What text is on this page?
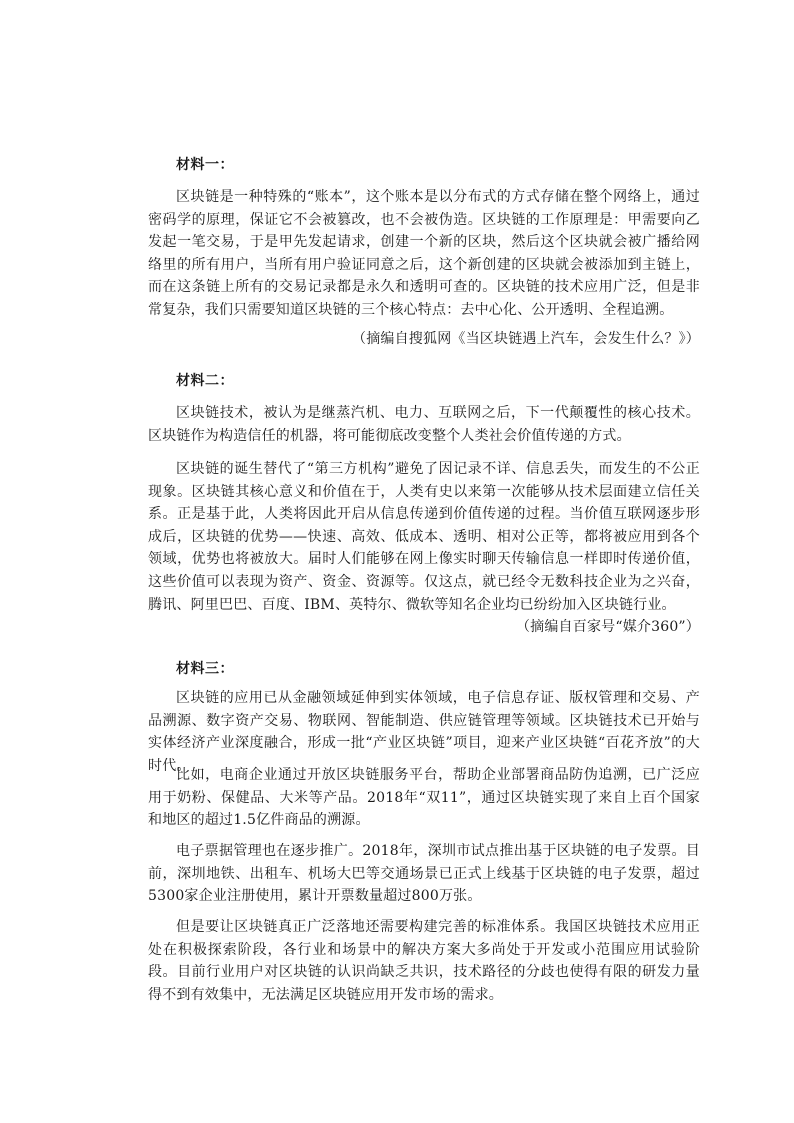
材料一：

区块链是一种特殊的“账本”，这个账本是以分布式的方式存储在整个网络上，通过密码学的原理，保证它不会被篡改，也不会被伪造。区块链的工作原理是：甲需要向乙发起一笔交易，于是甲先发起请求，创建一个新的区块，然后这个区块就会被广播给网络里的所有用户，当所有用户验证同意之后，这个新创建的区块就会被添加到主链上，而在这条链上所有的交易记录都是永久和透明可查的。区块链的技术应用广泛，但是非常复杂，我们只需要知道区块链的三个核心特点：去中心化、公开透明、全程追溯。

（摘编自搜狐网《当区块链遇上汽车，会发生什么？》）
材料二：

区块链技术，被认为是继蒸汽机、电力、互联网之后，下一代颠覆性的核心技术。区块链作为构造信任的机器，将可能彻底改变整个人类社会价值传递的方式。

区块链的诞生替代了“第三方机构”避免了因记录不详、信息丢失，而发生的不公正现象。区块链其核心意义和价值在于，人类有史以来第一次能够从技术层面建立信任关系。正是基于此，人类将因此开启从信息传递到价值传递的过程。当价值互联网逐步形成后，区块链的优势——快速、高效、低成本、透明、相对公正等，都将被应用到各个领域，优势也将被放大。届时人们能够在网上像实时聊天传输信息一样即时传递价值，这些价值可以表现为资产、资金、资源等。仅这点，就已经令无数科技企业为之兴奋，腾讯、阿里巴巴、百度、IBM、英特尔、微软等知名企业均已纷纷加入区块链行业。

（摘编自百家号“媒介360”）
材料三：

区块链的应用已从金融领域延伸到实体领域，电子信息存证、版权管理和交易、产品溯源、数字资产交易、物联网、智能制造、供应链管理等领域。区块链技术已开始与实体经济产业深度融合，形成一批“产业区块链”项目，迎来产业区块链“百花齐放”的大时代。

比如，电商企业通过开放区块链服务平台，帮助企业部署商品防伪追溯，已广泛应用于奶粉、保健品、大米等产品。2018年“双11”，通过区块链实现了来自上百个国家和地区的超过1.5亿件商品的溯源。

电子票据管理也在逐步推广。2018年，深圳市试点推出基于区块链的电子发票。目前，深圳地铁、出租车、机场大巴等交通场景已正式上线基于区块链的电子发票，超过5300家企业注册使用，累计开票数量超过800万张。

但是要让区块链真正广泛落地还需要构建完善的标准体系。我国区块链技术应用正处在积极探索阶段，各行业和场景中的解决方案大多尚处于开发或小范围应用试验阶段。目前行业用户对区块链的认识尚缺乏共识，技术路径的分歧也使得有限的研发力量得不到有效集中，无法满足区块链应用开发市场的需求。
